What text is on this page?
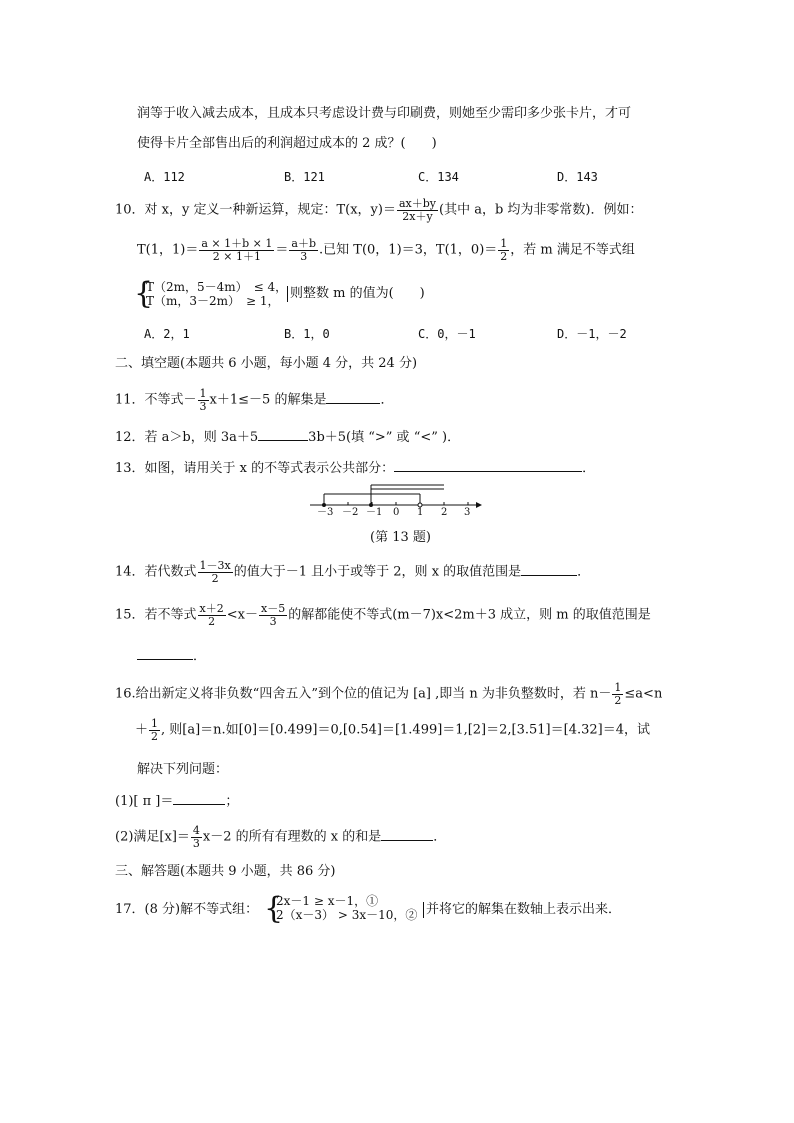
润等于收入减去成本，且成本只考虑设计费与印刷费，则她至少需印多少张卡片，才可
使得卡片全部售出后的利润超过成本的 2 成？(　　)
A．112	B．121	C．134	D．143
10．对 x，y 定义一种新运算，规定：T(x，$y)= \frac{ax+by}{2x+y}$ (其中 a，b 均为非零常数)．例如：
T(1，$1)= \frac{a \times 1+b \times 1}{2 \times 1+1} = \frac{a+b}{3}$ .已知 T(0，1)＝3，T(1，$0)= \frac{1}{2}$ ，若 m 满足不等式组
{
T（2m，5－4m）　≤ 4，
T（m，3－2m）　≥ 1， 则整数 m 的值为(　　)
A．2，1	B．1，0	C．0，－1	D．－1，－2
二、填空题(本题共 6 小题，每小题 4 分，共 24 分)
11．不等式－ $\frac{1}{3} x+1\le-5$ 的解集是	．
12．若 a＞b，则 3a＋5	3b＋5(填 “>” 或 “<” )．
13．如图，请用关于 x 的不等式表示公共部分：	．
－3 －2 －1 0 1 2 3
(第 13 题)
14．若代数式 $\frac{1-3x}{2}$ 的值大于－1 且小于或等于 2，则 x 的取值范围是	．
15．若不等式 $\frac{x+2}{2} <x- \frac{x-5}{3}$ 的解都能使不等式(m－7)x<2m＋3 成立，则 m 的取值范围是
．
16.给出新定义将非负数“四舍五入”到个位的值记为 [a] ,即当 n 为非负整数时，若 $n- \frac{1}{2} \le a<n$
＋ $\frac{1}{2}$ , 则[a]＝n.如[0]＝[0.499]＝0,[0.54]＝[1.499]＝1,[2]＝2,[3.51]＝[4.32]＝4，试
解决下列问题：
(1)[ π ]＝	；
(2)满足$[x]= \frac{4}{3} x-2$ 的所有有理数的 x 的和是	．
三、解答题(本题共 9 小题，共 86 分)
17．(8 分)解不等式组： {
2x－1 ≥ x－1，①
2（x－3） > 3x－10，② 并将它的解集在数轴上表示出来．
